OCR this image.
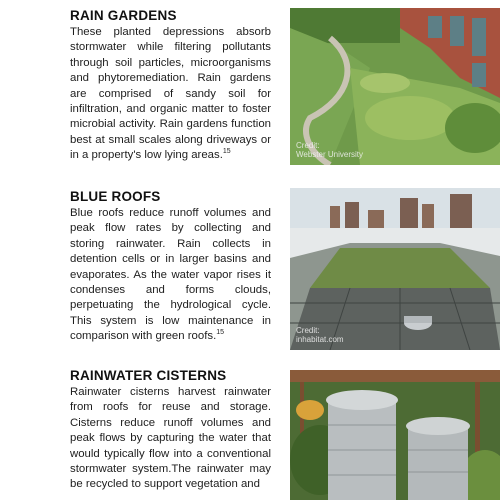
RAIN GARDENS

These planted depressions absorb stormwater while filtering pollutants through soil particles, microorganisms and phytoremediation. Rain gardens are comprised of sandy soil for infiltration, and organic matter to foster microbial activity. Rain gardens function best at small scales along driveways or in a property's low lying areas.$^{15}$

Credit:
Webster University
BLUE ROOFS

Blue roofs reduce runoff volumes and peak flow rates by collecting and storing rainwater. Rain collects in detention cells or in larger basins and evaporates. As the water vapor rises it condenses and forms clouds, perpetuating the hydrological cycle. This system is low maintenance in comparison with green roofs.$^{15}$	Credit:
inhabitat.com
RAINWATER CISTERNS

Rainwater cisterns harvest rainwater from roofs for reuse and storage. Cisterns reduce runoff volumes and peak flows by capturing the water that would typically flow into a conventional stormwater system.The rainwater may be recycled to support vegetation and
